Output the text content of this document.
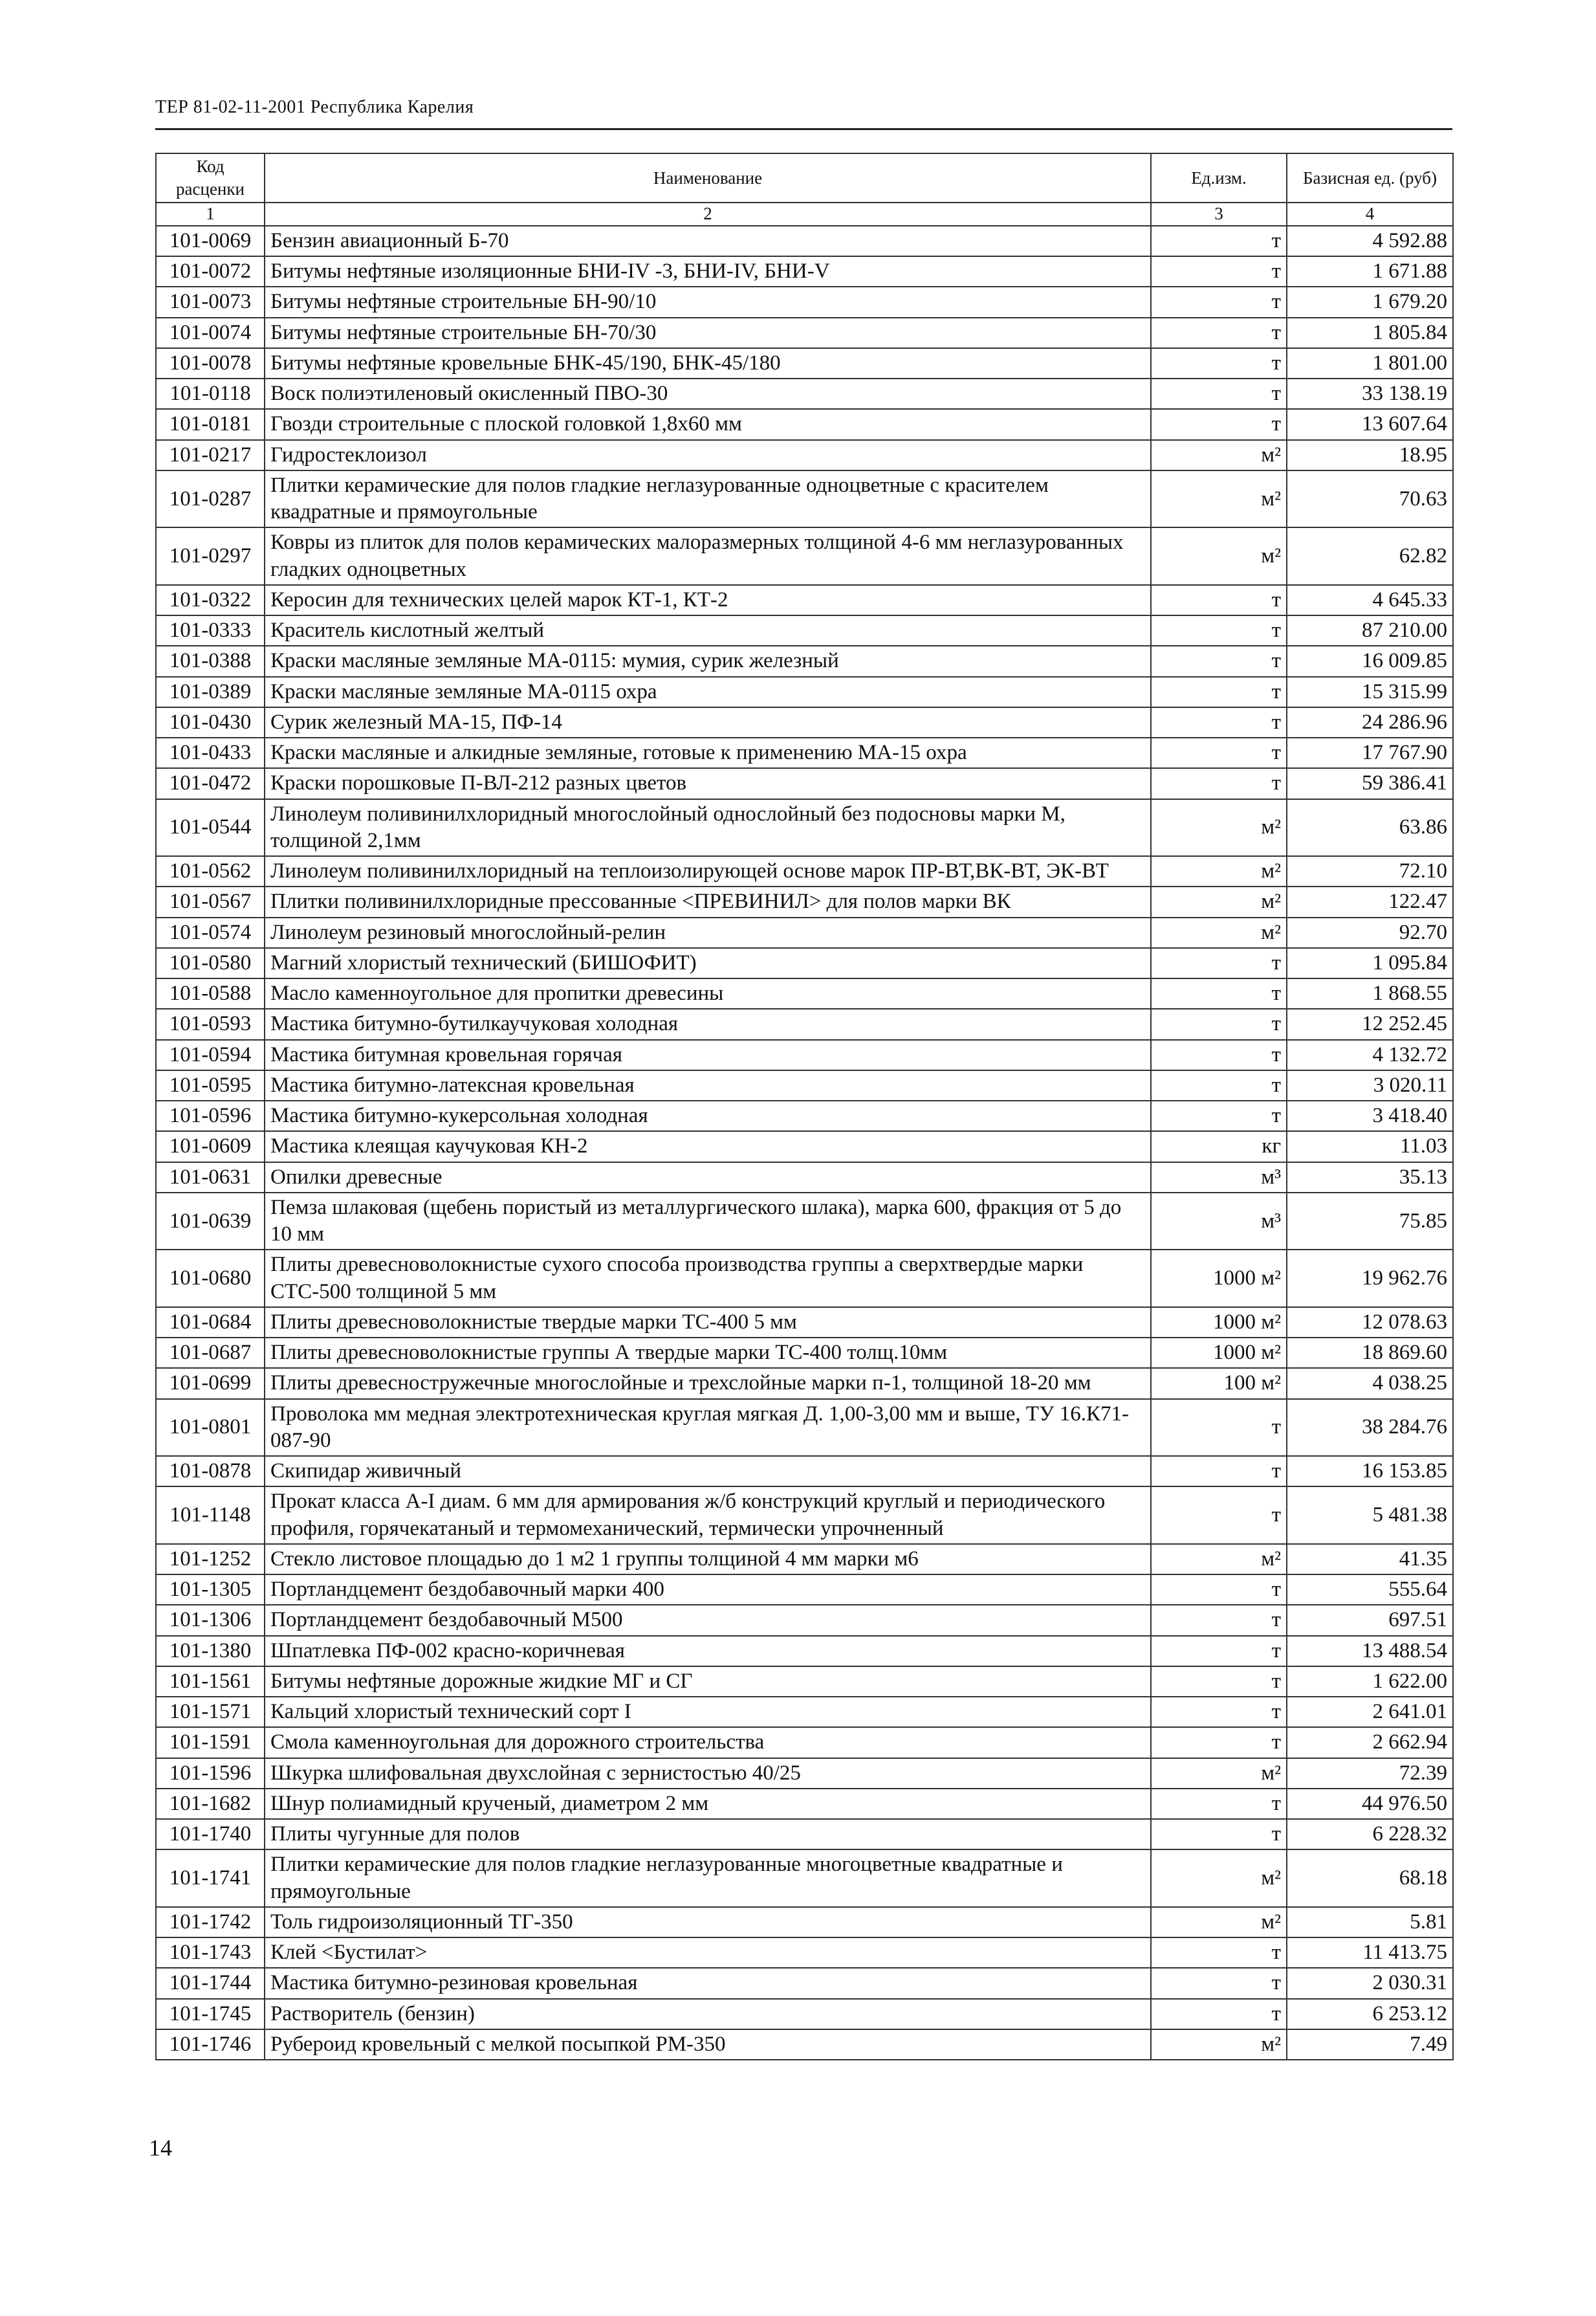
ТЕР 81-02-11-2001 Республика Карелия
Код расценки	Наименование	Ед.изм.	Базисная ед. (руб)
1	2	3	4
101-0069	Бензин авиационный Б-70	т	4 592.88
101-0072	Битумы нефтяные изоляционные БНИ-IV -3, БНИ-IV, БНИ-V	т	1 671.88
101-0073	Битумы нефтяные строительные БН-90/10	т	1 679.20
101-0074	Битумы нефтяные строительные БН-70/30	т	1 805.84
101-0078	Битумы нефтяные кровельные БНК-45/190, БНК-45/180	т	1 801.00
101-0118	Воск полиэтиленовый окисленный ПВО-30	т	33 138.19
101-0181	Гвозди строительные с плоской головкой 1,8х60 мм	т	13 607.64
101-0217	Гидростеклоизол	м²	18.95
101-0287	Плитки керамические для полов гладкие неглазурованные одноцветные с красителем квадратные и прямоугольные	м²	70.63
101-0297	Ковры из плиток для полов керамических малоразмерных толщиной 4-6 мм неглазурованных гладких одноцветных	м²	62.82
101-0322	Керосин для технических целей марок КТ-1, КТ-2	т	4 645.33
101-0333	Краситель кислотный желтый	т	87 210.00
101-0388	Краски масляные земляные МА-0115: мумия, сурик железный	т	16 009.85
101-0389	Краски масляные земляные МА-0115 охра	т	15 315.99
101-0430	Сурик железный МА-15, ПФ-14	т	24 286.96
101-0433	Краски масляные и алкидные земляные, готовые к применению МА-15 охра	т	17 767.90
101-0472	Краски порошковые П-ВЛ-212 разных цветов	т	59 386.41
101-0544	Линолеум поливинилхлоридный многослойный однослойный без подосновы марки М, толщиной 2,1мм	м²	63.86
101-0562	Линолеум поливинилхлоридный на теплоизолирующей основе марок ПР-ВТ,ВК-ВТ, ЭК-ВТ	м²	72.10
101-0567	Плитки поливинилхлоридные прессованные <ПРЕВИНИЛ> для полов марки ВК	м²	122.47
101-0574	Линолеум резиновый многослойный-релин	м²	92.70
101-0580	Магний хлористый технический (БИШОФИТ)	т	1 095.84
101-0588	Масло каменноугольное для пропитки древесины	т	1 868.55
101-0593	Мастика битумно-бутилкаучуковая холодная	т	12 252.45
101-0594	Мастика битумная кровельная горячая	т	4 132.72
101-0595	Мастика битумно-латексная кровельная	т	3 020.11
101-0596	Мастика битумно-кукерсольная холодная	т	3 418.40
101-0609	Мастика клеящая каучуковая КН-2	кг	11.03
101-0631	Опилки древесные	м³	35.13
101-0639	Пемза шлаковая (щебень пористый из металлургического шлака), марка 600, фракция от 5 до 10 мм	м³	75.85
101-0680	Плиты древесноволокнистые сухого способа производства группы а сверхтвердые марки СТС-500 толщиной 5 мм	1000 м²	19 962.76
101-0684	Плиты древесноволокнистые твердые марки ТС-400 5 мм	1000 м²	12 078.63
101-0687	Плиты древесноволокнистые группы А твердые марки ТС-400 толщ.10мм	1000 м²	18 869.60
101-0699	Плиты древесностружечные многослойные и трехслойные марки п-1, толщиной 18-20 мм	100 м²	4 038.25
101-0801	Проволока мм медная электротехническая круглая мягкая Д. 1,00-3,00 мм и выше, ТУ 16.К71-087-90	т	38 284.76
101-0878	Скипидар живичный	т	16 153.85
101-1148	Прокат класса А-I диам. 6 мм для армирования ж/б конструкций круглый и периодического профиля, горячекатаный и термомеханический, термически упрочненный	т	5 481.38
101-1252	Стекло листовое площадью до 1 м2 1 группы толщиной 4 мм марки м6	м²	41.35
101-1305	Портландцемент бездобавочный марки 400	т	555.64
101-1306	Портландцемент бездобавочный М500	т	697.51
101-1380	Шпатлевка ПФ-002 красно-коричневая	т	13 488.54
101-1561	Битумы нефтяные дорожные жидкие МГ и СГ	т	1 622.00
101-1571	Кальций хлористый технический сорт I	т	2 641.01
101-1591	Смола каменноугольная для дорожного строительства	т	2 662.94
101-1596	Шкурка шлифовальная двухслойная с зернистостью 40/25	м²	72.39
101-1682	Шнур полиамидный крученый, диаметром 2 мм	т	44 976.50
101-1740	Плиты чугунные для полов	т	6 228.32
101-1741	Плитки керамические для полов гладкие неглазурованные многоцветные квадратные и прямоугольные	м²	68.18
101-1742	Толь гидроизоляционный ТГ-350	м²	5.81
101-1743	Клей <Бустилат>	т	11 413.75
101-1744	Мастика битумно-резиновая кровельная	т	2 030.31
101-1745	Растворитель (бензин)	т	6 253.12
101-1746	Рубероид кровельный с мелкой посыпкой РМ-350	м²	7.49
14
